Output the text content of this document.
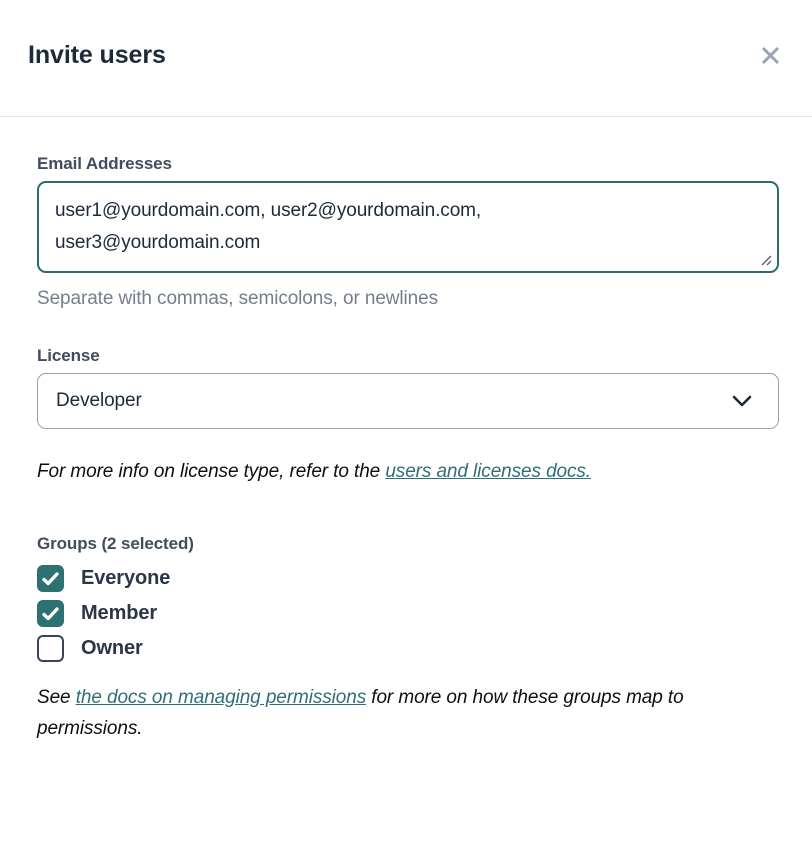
Invite users
Email Addresses
user1@yourdomain.com, user2@yourdomain.com, user3@yourdomain.com
Separate with commas, semicolons, or newlines
License
Developer
For more info on license type, refer to the users and licenses docs.
Groups (2 selected)
Everyone
Member
Owner
See the docs on managing permissions for more on how these groups map to permissions.
